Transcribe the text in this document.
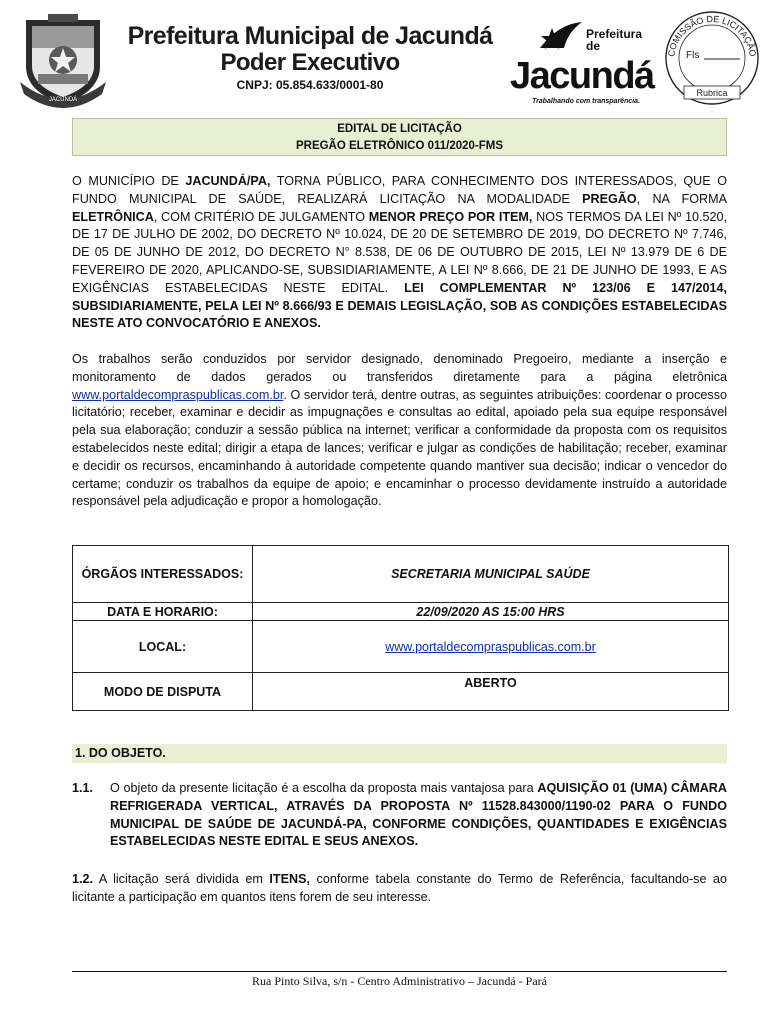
JACUNDÁ
Prefeitura Municipal de Jacundá
Poder Executivo
CNPJ: 05.854.633/0001-80
Prefeitura de
Jacundá
Trabalhando com transparência.
COMISSÃO DE LICITAÇÃO
Fls
Rubrica
EDITAL DE LICITAÇÃO
PREGÃO ELETRÔNICO 011/2020-FMS

O MUNICÍPIO DE JACUNDÁ/PA, TORNA PÚBLICO, PARA CONHECIMENTO DOS INTERESSADOS, QUE O FUNDO MUNICIPAL DE SAÚDE, REALIZARÁ LICITAÇÃO NA MODALIDADE PREGÃO, NA FORMA ELETRÔNICA, COM CRITÉRIO DE JULGAMENTO MENOR PREÇO POR ITEM, NOS TERMOS DA LEI Nº 10.520, DE 17 DE JULHO DE 2002, DO DECRETO Nº 10.024, DE 20 DE SETEMBRO DE 2019, DO DECRETO Nº 7.746, DE 05 DE JUNHO DE 2012, DO DECRETO N° 8.538, DE 06 DE OUTUBRO DE 2015, LEI Nº 13.979 DE 6 DE FEVEREIRO DE 2020, APLICANDO-SE, SUBSIDIARIAMENTE, A LEI Nº 8.666, DE 21 DE JUNHO DE 1993, E AS EXIGÊNCIAS ESTABELECIDAS NESTE EDITAL. LEI COMPLEMENTAR Nº 123/06 E 147/2014, SUBSIDIARIAMENTE, PELA LEI Nº 8.666/93 E DEMAIS LEGISLAÇÃO, SOB AS CONDIÇÕES ESTABELECIDAS NESTE ATO CONVOCATÓRIO E ANEXOS.

Os trabalhos serão conduzidos por servidor designado, denominado Pregoeiro, mediante a inserção e monitoramento de dados gerados ou transferidos diretamente para a página eletrônica www.portaldecompraspublicas.com.br. O servidor terá, dentre outras, as seguintes atribuições: coordenar o processo licitatório; receber, examinar e decidir as impugnações e consultas ao edital, apoiado pela sua equipe responsável pela sua elaboração; conduzir a sessão pública na internet; verificar a conformidade da proposta com os requisitos estabelecidos neste edital; dirigir a etapa de lances; verificar e julgar as condições de habilitação; receber, examinar e decidir os recursos, encaminhando à autoridade competente quando mantiver sua decisão; indicar o vencedor do certame; conduzir os trabalhos da equipe de apoio; e encaminhar o processo devidamente instruído a autoridade responsável pela adjudicação e propor a homologação.

ÓRGÃOS INTERESSADOS:	SECRETARIA MUNICIPAL SAÚDE
DATA E HORARIO:	22/09/2020 AS 15:00 HRS
LOCAL:	www.portaldecompraspublicas.com.br
MODO DE DISPUTA	ABERTO
1. DO OBJETO.
1.1. O objeto da presente licitação é a escolha da proposta mais vantajosa para AQUISIÇÃO 01 (UMA) CÂMARA REFRIGERADA VERTICAL, ATRAVÉS DA PROPOSTA Nº 11528.843000/1190-02 PARA O FUNDO MUNICIPAL DE SAÚDE DE JACUNDÁ-PA, CONFORME CONDIÇÕES, QUANTIDADES E EXIGÊNCIAS ESTABELECIDAS NESTE EDITAL E SEUS ANEXOS.
1.2. A licitação será dividida em ITENS, conforme tabela constante do Termo de Referência, facultando-se ao licitante a participação em quantos itens forem de seu interesse.
Rua Pinto Silva, s/n - Centro Administrativo – Jacundá - Pará
